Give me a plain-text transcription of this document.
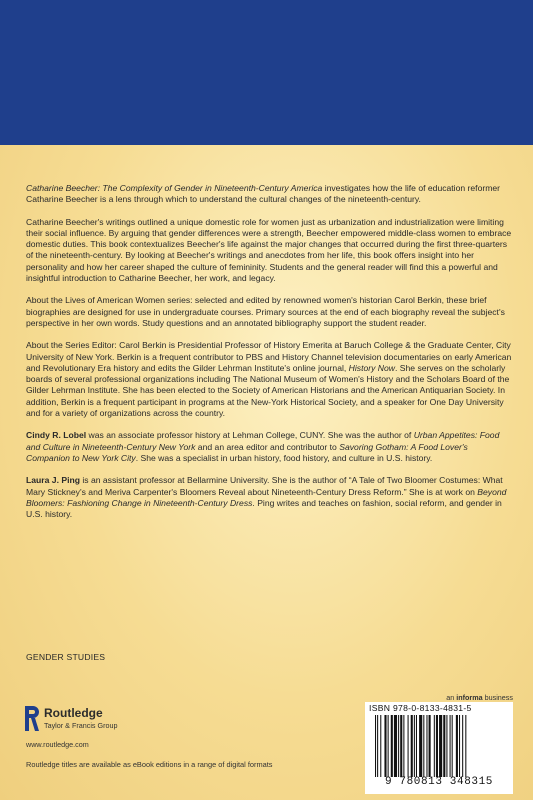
Catharine Beecher: The Complexity of Gender in Nineteenth-Century America investigates how the life of education reformer Catharine Beecher is a lens through which to understand the cultural changes of the nineteenth-century.

Catharine Beecher's writings outlined a unique domestic role for women just as urbanization and industrialization were limiting their social influence. By arguing that gender differences were a strength, Beecher empowered middle-class women to embrace domestic duties. This book contextualizes Beecher's life against the major changes that occurred during the first three-quarters of the nineteenth-century. By looking at Beecher's writings and anecdotes from her life, this book offers insight into her personality and how her career shaped the culture of femininity. Students and the general reader will find this a powerful and insightful introduction to Catharine Beecher, her work, and legacy.

About the Lives of American Women series: selected and edited by renowned women's historian Carol Berkin, these brief biographies are designed for use in undergraduate courses. Primary sources at the end of each biography reveal the subject's perspective in her own words. Study questions and an annotated bibliography support the student reader.

About the Series Editor: Carol Berkin is Presidential Professor of History Emerita at Baruch College & the Graduate Center, City University of New York. Berkin is a frequent contributor to PBS and History Channel television documentaries on early American and Revolutionary Era history and edits the Gilder Lehrman Institute's online journal, History Now. She serves on the scholarly boards of several professional organizations including The National Museum of Women's History and the Scholars Board of the Gilder Lehrman Institute. She has been elected to the Society of American Historians and the American Antiquarian Society. In addition, Berkin is a frequent participant in programs at the New-York Historical Society, and a speaker for One Day University and for a variety of organizations across the country.

Cindy R. Lobel was an associate professor history at Lehman College, CUNY. She was the author of Urban Appetites: Food and Culture in Nineteenth-Century New York and an area editor and contributor to Savoring Gotham: A Food Lover's Companion to New York City. She was a specialist in urban history, food history, and culture in U.S. history.

Laura J. Ping is an assistant professor at Bellarmine University. She is the author of “A Tale of Two Bloomer Costumes: What Mary Stickney's and Meriva Carpenter's Bloomers Reveal about Nineteenth-Century Dress Reform.” She is at work on Beyond Bloomers: Fashioning Change in Nineteenth-Century Dress. Ping writes and teaches on fashion, social reform, and gender in U.S. history.

GENDER STUDIES
Routledge
Taylor & Francis Group
www.routledge.com
Routledge titles are available as eBook editions in a range of digital formats
an informa business
ISBN 978-0-8133-4831-5
9 780813 348315
